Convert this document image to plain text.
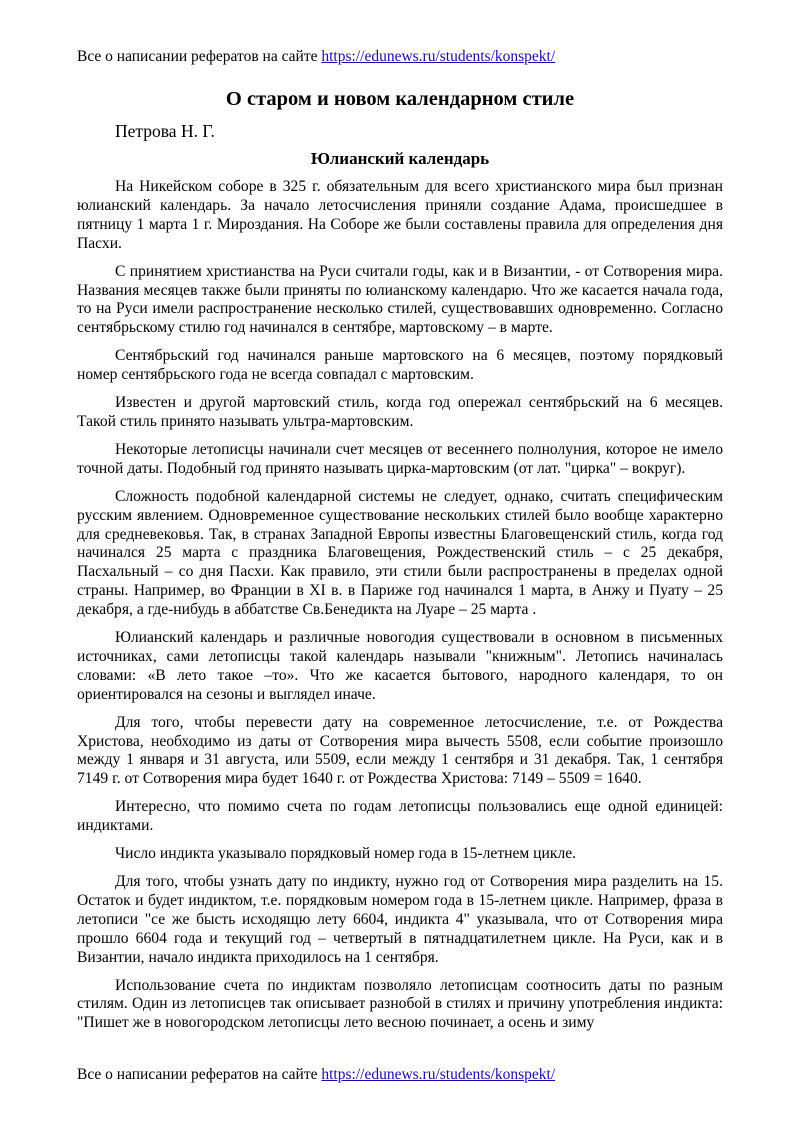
Все о написании рефератов на сайте https://edunews.ru/students/konspekt/
О старом и новом календарном стиле
Петрова Н. Г.
Юлианский календарь

На Никейском соборе в 325 г. обязательным для всего христианского мира был признан юлианский календарь. За начало летосчисления приняли создание Адама, происшедшее в пятницу 1 марта 1 г. Мироздания. На Соборе же были составлены правила для определения дня Пасхи.

С принятием христианства на Руси считали годы, как и в Византии, - от Сотворения мира. Названия месяцев также были приняты по юлианскому календарю. Что же касается начала года, то на Руси имели распространение несколько стилей, существовавших одновременно. Согласно сентябрьскому стилю год начинался в сентябре, мартовскому – в марте.

Сентябрьский год начинался раньше мартовского на 6 месяцев, поэтому порядковый номер сентябрьского года не всегда совпадал с мартовским.

Известен и другой мартовский стиль, когда год опережал сентябрьский на 6 месяцев. Такой стиль принято называть ультра-мартовским.

Некоторые летописцы начинали счет месяцев от весеннего полнолуния, которое не имело точной даты. Подобный год принято называть цирка-мартовским (от лат. "цирка" – вокруг).

Сложность подобной календарной системы не следует, однако, считать специфическим русским явлением. Одновременное существование нескольких стилей было вообще характерно для средневековья. Так, в странах Западной Европы известны Благовещенский стиль, когда год начинался 25 марта с праздника Благовещения, Рождественский стиль – с 25 декабря, Пасхальный – со дня Пасхи. Как правило, эти стили были распространены в пределах одной страны. Например, во Франции в XI в. в Париже год начинался 1 марта, в Анжу и Пуату – 25 декабря, а где-нибудь в аббатстве Св.Бенедикта на Луаре – 25 марта .

Юлианский календарь и различные новогодия существовали в основном в письменных источниках, сами летописцы такой календарь называли "книжным". Летопись начиналась словами: «В лето такое –то». Что же касается бытового, народного календаря, то он ориентировался на сезоны и выглядел иначе.

Для того, чтобы перевести дату на современное летосчисление, т.е. от Рождества Христова, необходимо из даты от Сотворения мира вычесть 5508, если событие произошло между 1 января и 31 августа, или 5509, если между 1 сентября и 31 декабря. Так, 1 сентября 7149 г. от Сотворения мира будет 1640 г. от Рождества Христова: 7149 – 5509 = 1640.

Интересно, что помимо счета по годам летописцы пользовались еще одной единицей: индиктами.

Число индикта указывало порядковый номер года в 15-летнем цикле.

Для того, чтобы узнать дату по индикту, нужно год от Сотворения мира разделить на 15. Остаток и будет индиктом, т.е. порядковым номером года в 15-летнем цикле. Например, фраза в летописи "се же бысть исходящю лету 6604, индикта 4" указывала, что от Сотворения мира прошло 6604 года и текущий год – четвертый в пятнадцатилетнем цикле. На Руси, как и в Византии, начало индикта приходилось на 1 сентября.

Использование счета по индиктам позволяло летописцам соотносить даты по разным стилям. Один из летописцев так описывает разнобой в стилях и причину употребления индикта: "Пишет же в новогородском летописцы лето весною починает, а осень и зиму

Все о написании рефератов на сайте https://edunews.ru/students/konspekt/
